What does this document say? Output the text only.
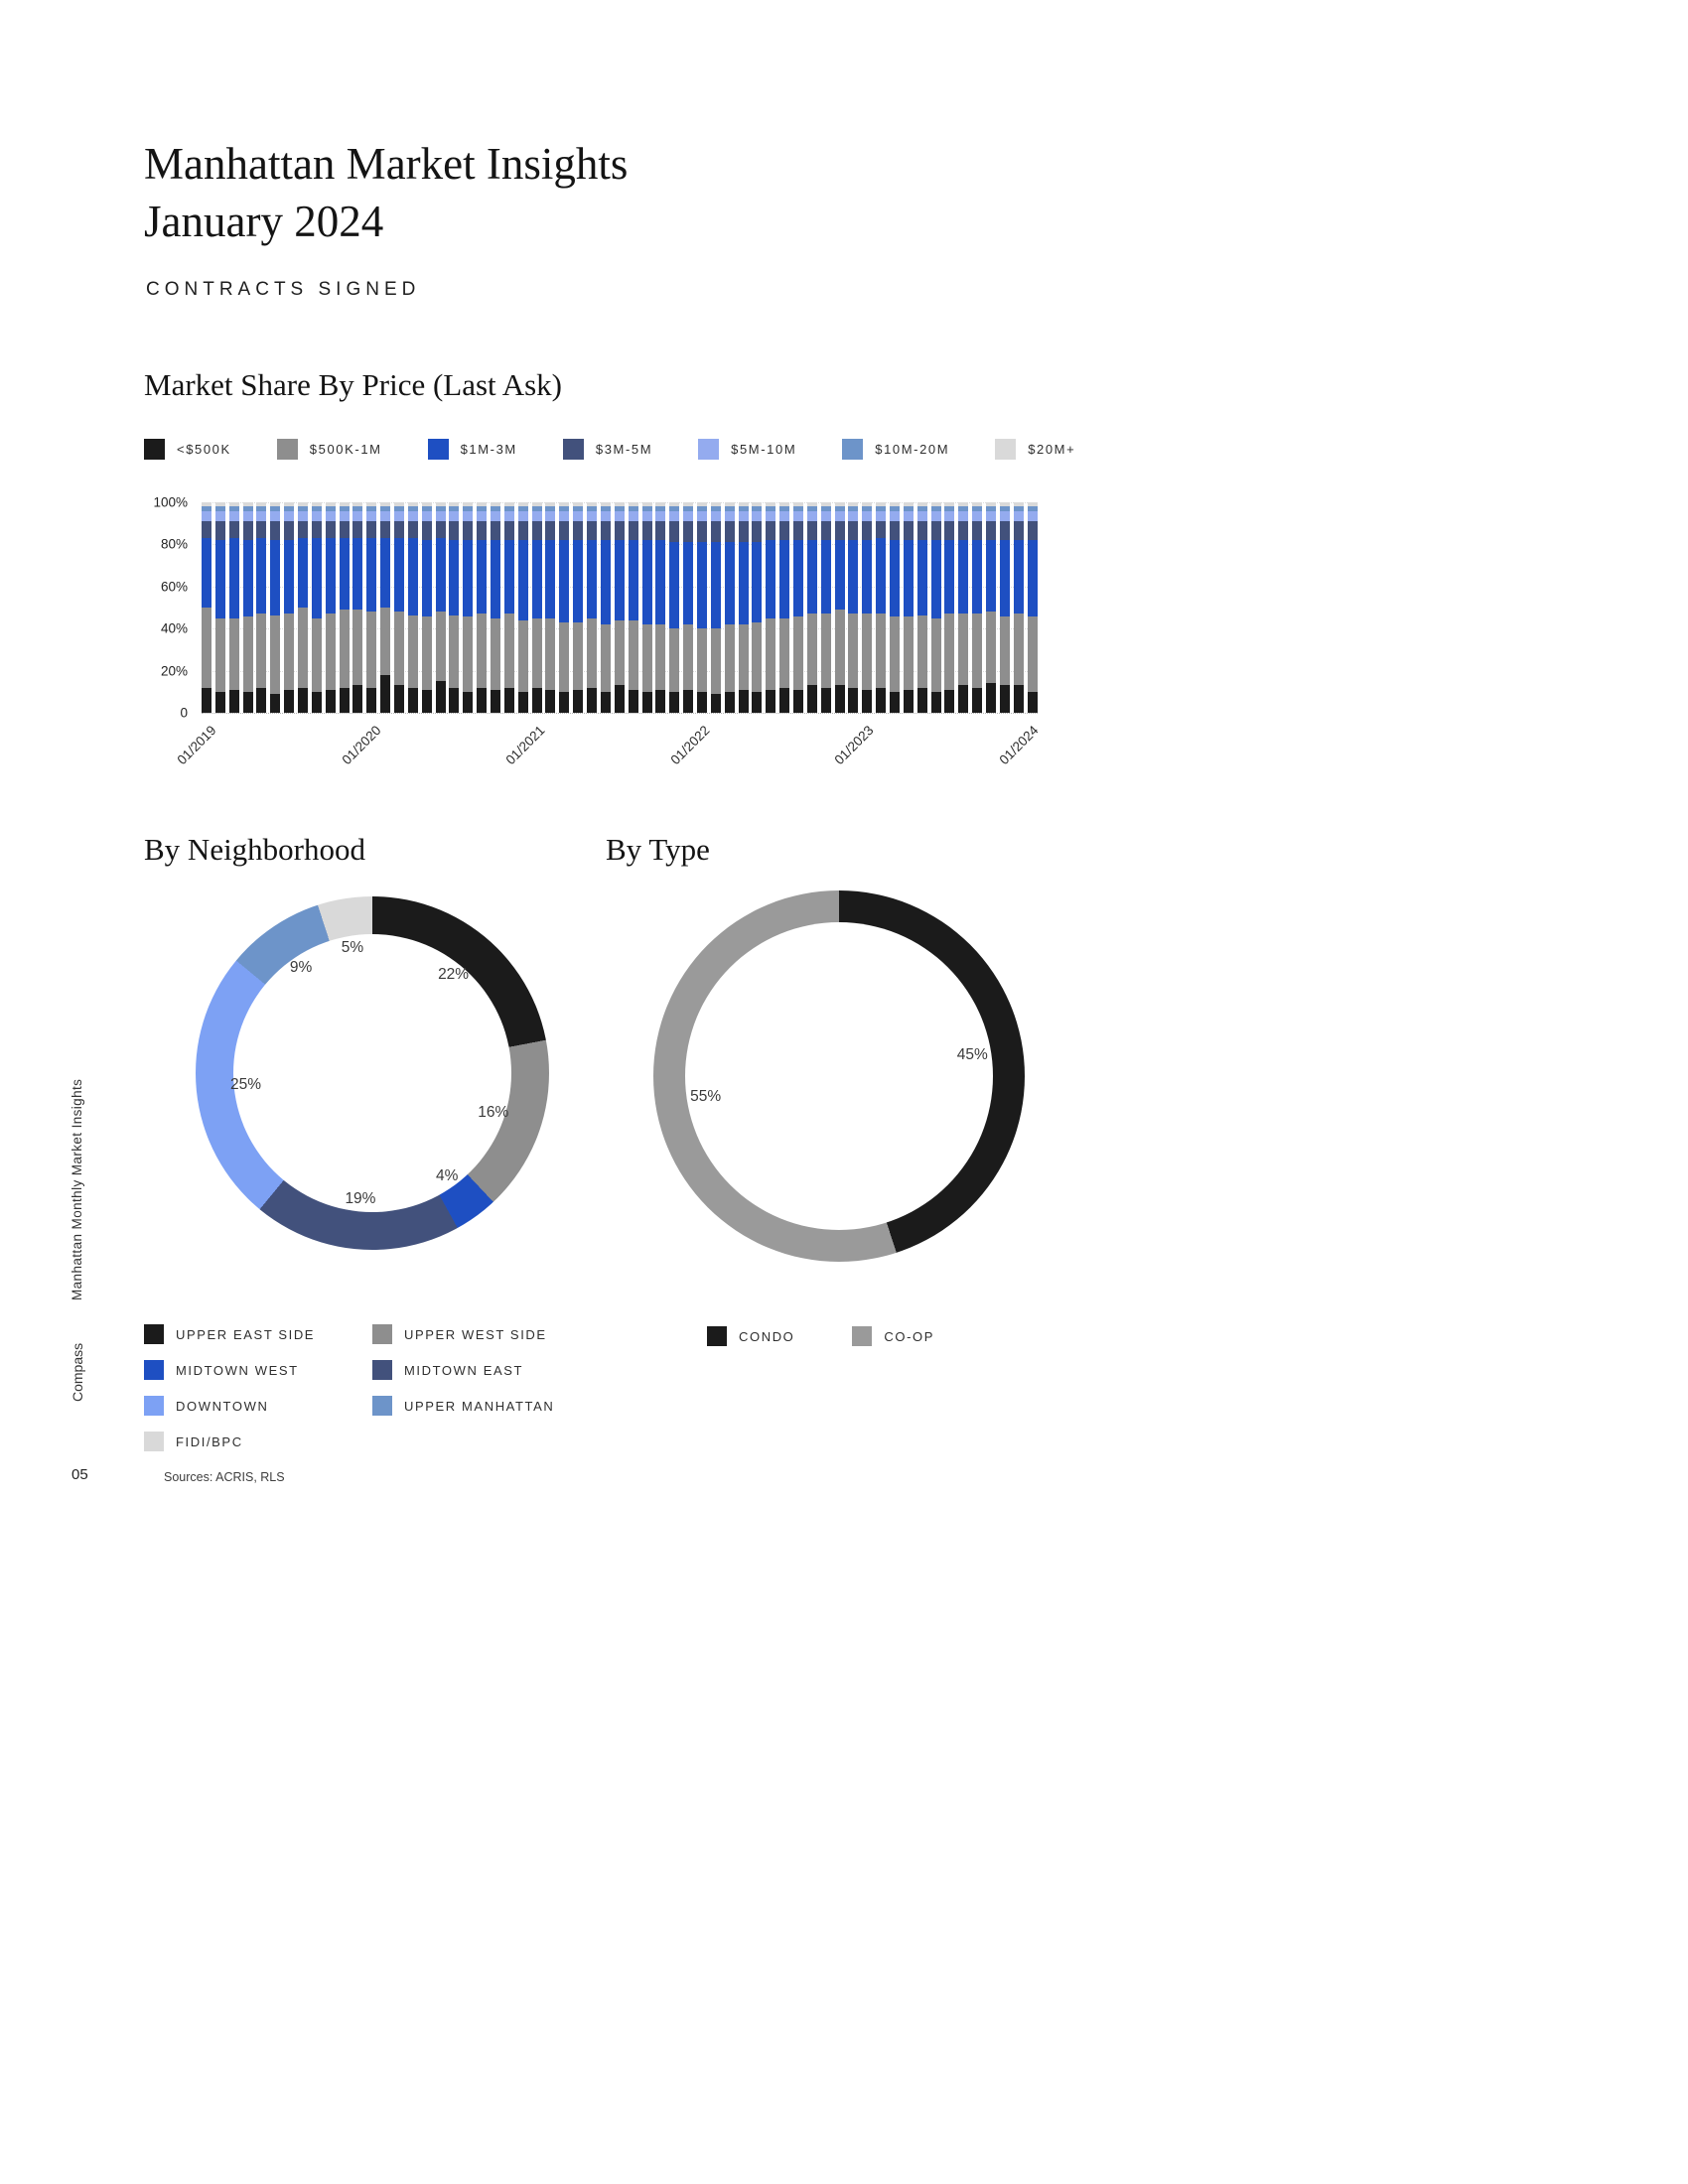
Manhattan Market Insights
January 2024
CONTRACTS SIGNED
Market Share By Price (Last Ask)
<$500K	$500K-1M	$1M-3M	$3M-5M	$5M-10M	$10M-20M	$20M+
100%
80%
60%
40%
20%
0
01/2019	01/2020	01/2021	01/2022	01/2023	01/2024
By Neighborhood	By Type
22%
16%
4%
19%
25%
9%
5%
45%
55%
UPPER EAST SIDE	UPPER WEST SIDE
MIDTOWN WEST	MIDTOWN EAST
DOWNTOWN	UPPER MANHATTAN
FIDI/BPC
CONDO	CO-OP
Manhattan Monthly Market Insights
Compass
05	Sources: ACRIS, RLS
